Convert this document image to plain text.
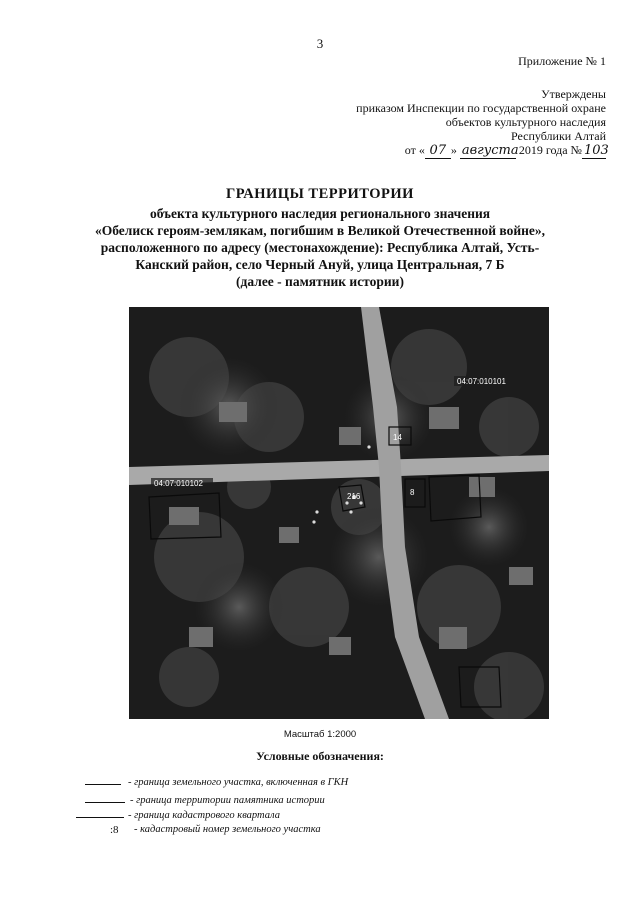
3
Приложение № 1
Утверждены
приказом Инспекции по государственной охране
объектов культурного наследия
Республики Алтай
от « 07 » августа 2019 года № 103
ГРАНИЦЫ ТЕРРИТОРИИ
объекта культурного наследия регионального значения
«Обелиск героям-землякам, погибшим в Великой Отечественной войне»,
расположенного по адресу (местонахождение): Республика Алтай, Усть-
Канский район, село Черный Ануй, улица Центральная, 7 Б
(далее - памятник истории)
04:07:010101
04:07:010102
216
14
8
Масштаб 1:2000
Условные обозначения:
- граница земельного участка, включенная в ГКН
- граница территории памятника истории
- граница кадастрового квартала
:8 - кадастровый номер земельного участка
